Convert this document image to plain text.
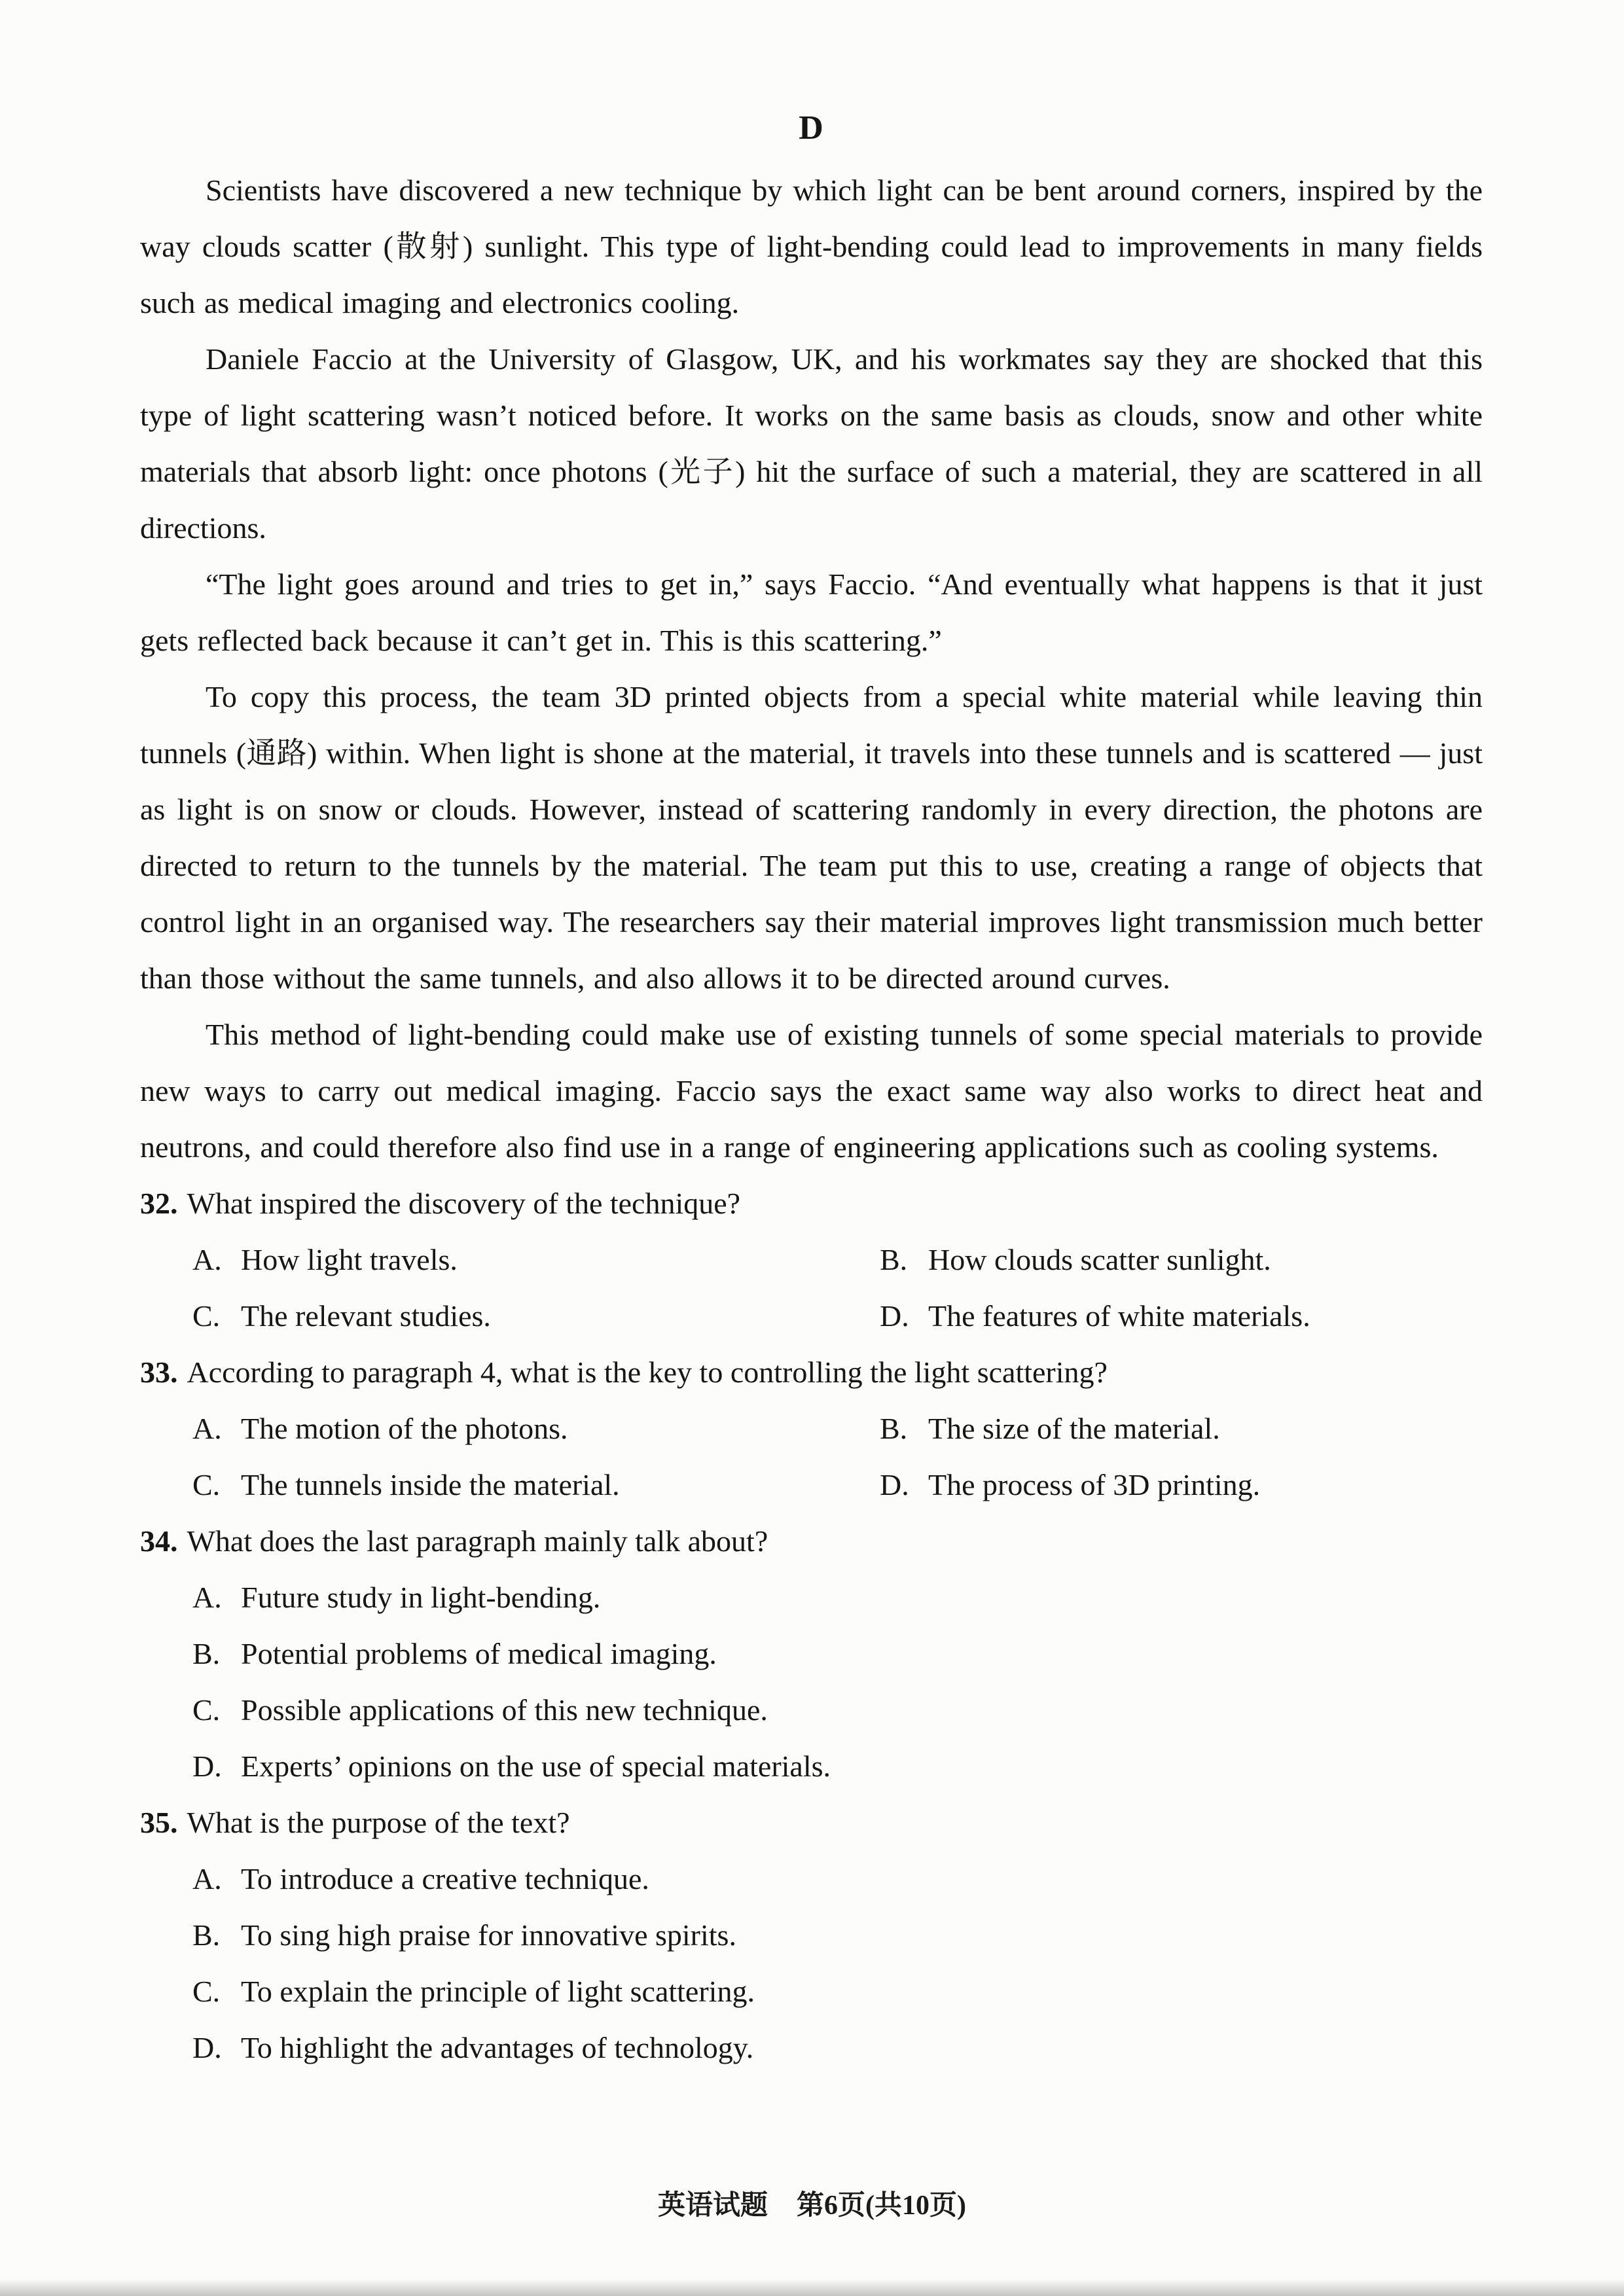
D

Scientists have discovered a new technique by which light can be bent around corners, inspired by the way clouds scatter (散射) sunlight. This type of light-bending could lead to improvements in many fields such as medical imaging and electronics cooling.

Daniele Faccio at the University of Glasgow, UK, and his workmates say they are shocked that this type of light scattering wasn’t noticed before. It works on the same basis as clouds, snow and other white materials that absorb light: once photons (光子) hit the surface of such a material, they are scattered in all directions.

“The light goes around and tries to get in,” says Faccio. “And eventually what happens is that it just gets reflected back because it can’t get in. This is this scattering.”

To copy this process, the team 3D printed objects from a special white material while leaving thin tunnels (通路) within. When light is shone at the material, it travels into these tunnels and is scattered — just as light is on snow or clouds. However, instead of scattering randomly in every direction, the photons are directed to return to the tunnels by the material. The team put this to use, creating a range of objects that control light in an organised way. The researchers say their material improves light transmission much better than those without the same tunnels, and also allows it to be directed around curves.

This method of light-bending could make use of existing tunnels of some special materials to provide new ways to carry out medical imaging. Faccio says the exact same way also works to direct heat and neutrons, and could therefore also find use in a range of engineering applications such as cooling systems.

32. What inspired the discovery of the technique?
A. How light travels.	B. How clouds scatter sunlight.
C. The relevant studies.	D. The features of white materials.
33. According to paragraph 4, what is the key to controlling the light scattering?
A. The motion of the photons.	B. The size of the material.
C. The tunnels inside the material.	D. The process of 3D printing.
34. What does the last paragraph mainly talk about?
A. Future study in light-bending.
B. Potential problems of medical imaging.
C. Possible applications of this new technique.
D. Experts’ opinions on the use of special materials.
35. What is the purpose of the text?
A. To introduce a creative technique.
B. To sing high praise for innovative spirits.
C. To explain the principle of light scattering.
D. To highlight the advantages of technology.
英语试题 第6页(共10页)
